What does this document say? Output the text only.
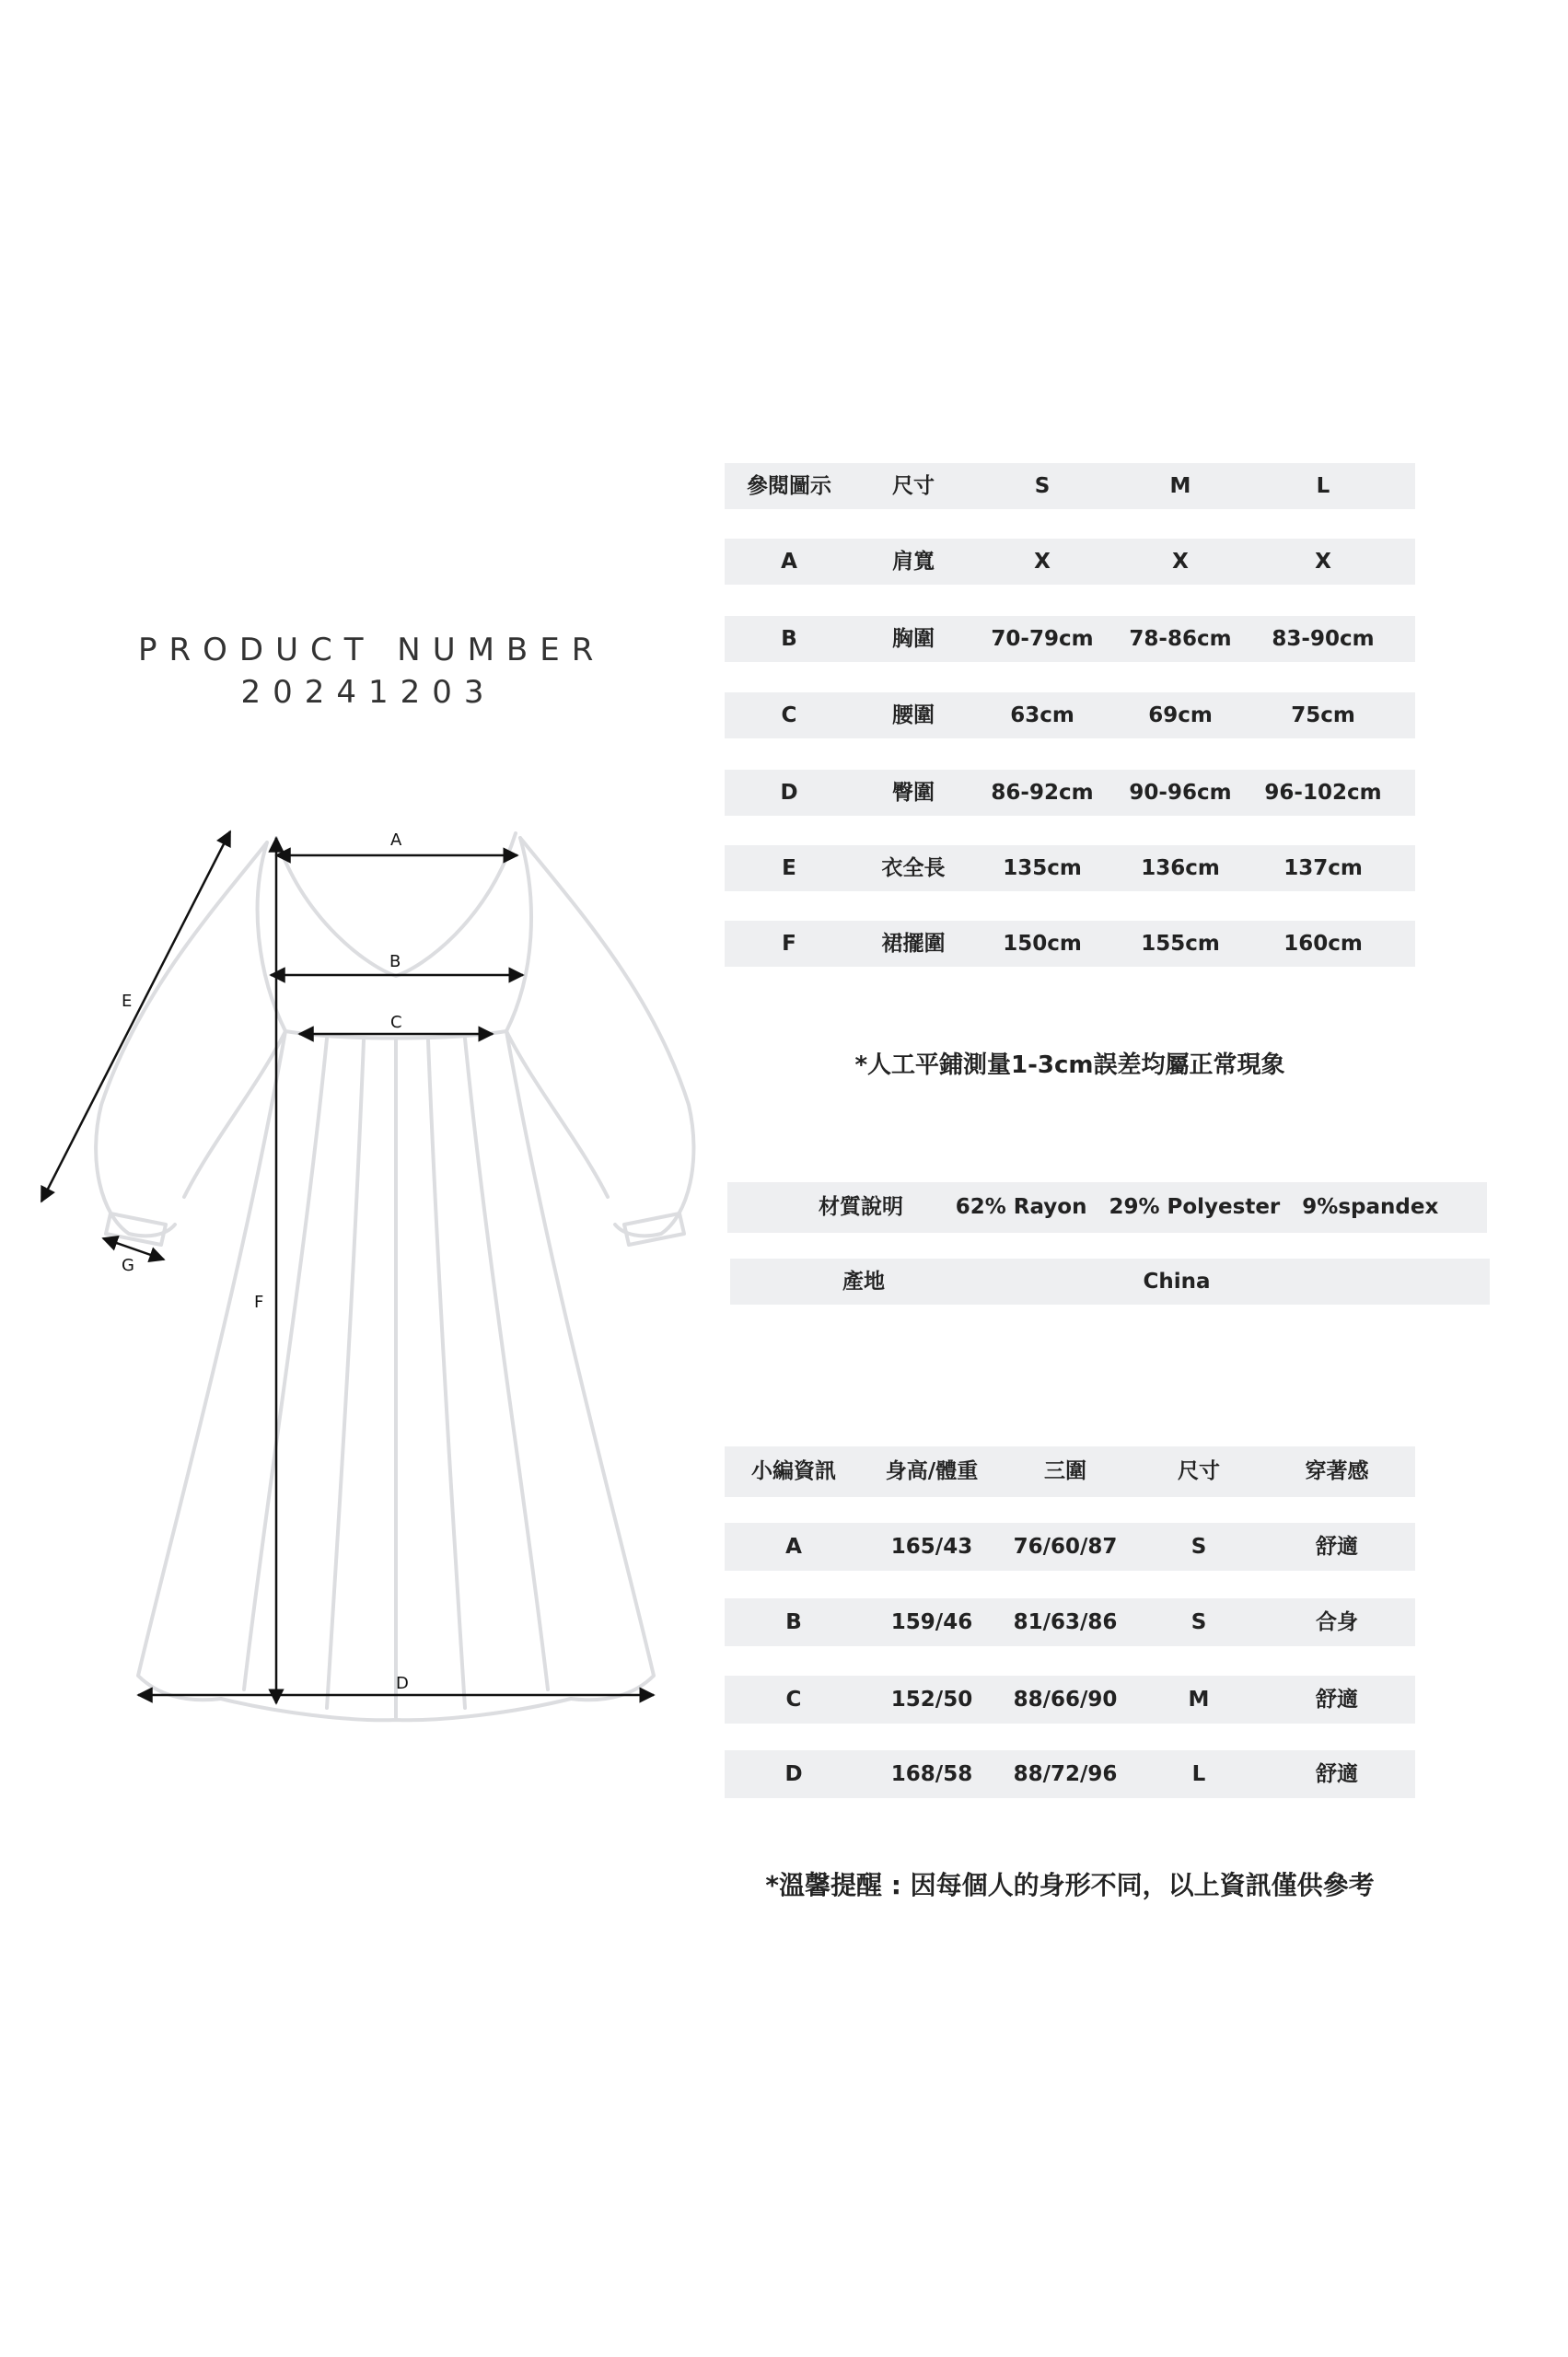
PRODUCT NUMBER
20241203
A
B
C
D
E
F
G
參閱圖示	尺寸	S	M	L
A	肩寬	X	X	X
B	胸圍	70-79cm	78-86cm	83-90cm
C	腰圍	63cm	69cm	75cm
D	臀圍	86-92cm	90-96cm	96-102cm
E	衣全長	135cm	136cm	137cm
F	裙擺圍	150cm	155cm	160cm
*人工平鋪測量1-3cm誤差均屬正常現象
材質說明	62% Rayon   29% Polyester   9%spandex
產地	China
小編資訊	身高/體重	三圍	尺寸	穿著感
A	165/43	76/60/87	S	舒適
B	159/46	81/63/86	S	合身
C	152/50	88/66/90	M	舒適
D	168/58	88/72/96	L	舒適
*溫馨提醒 : 因每個人的身形不同，以上資訊僅供參考
